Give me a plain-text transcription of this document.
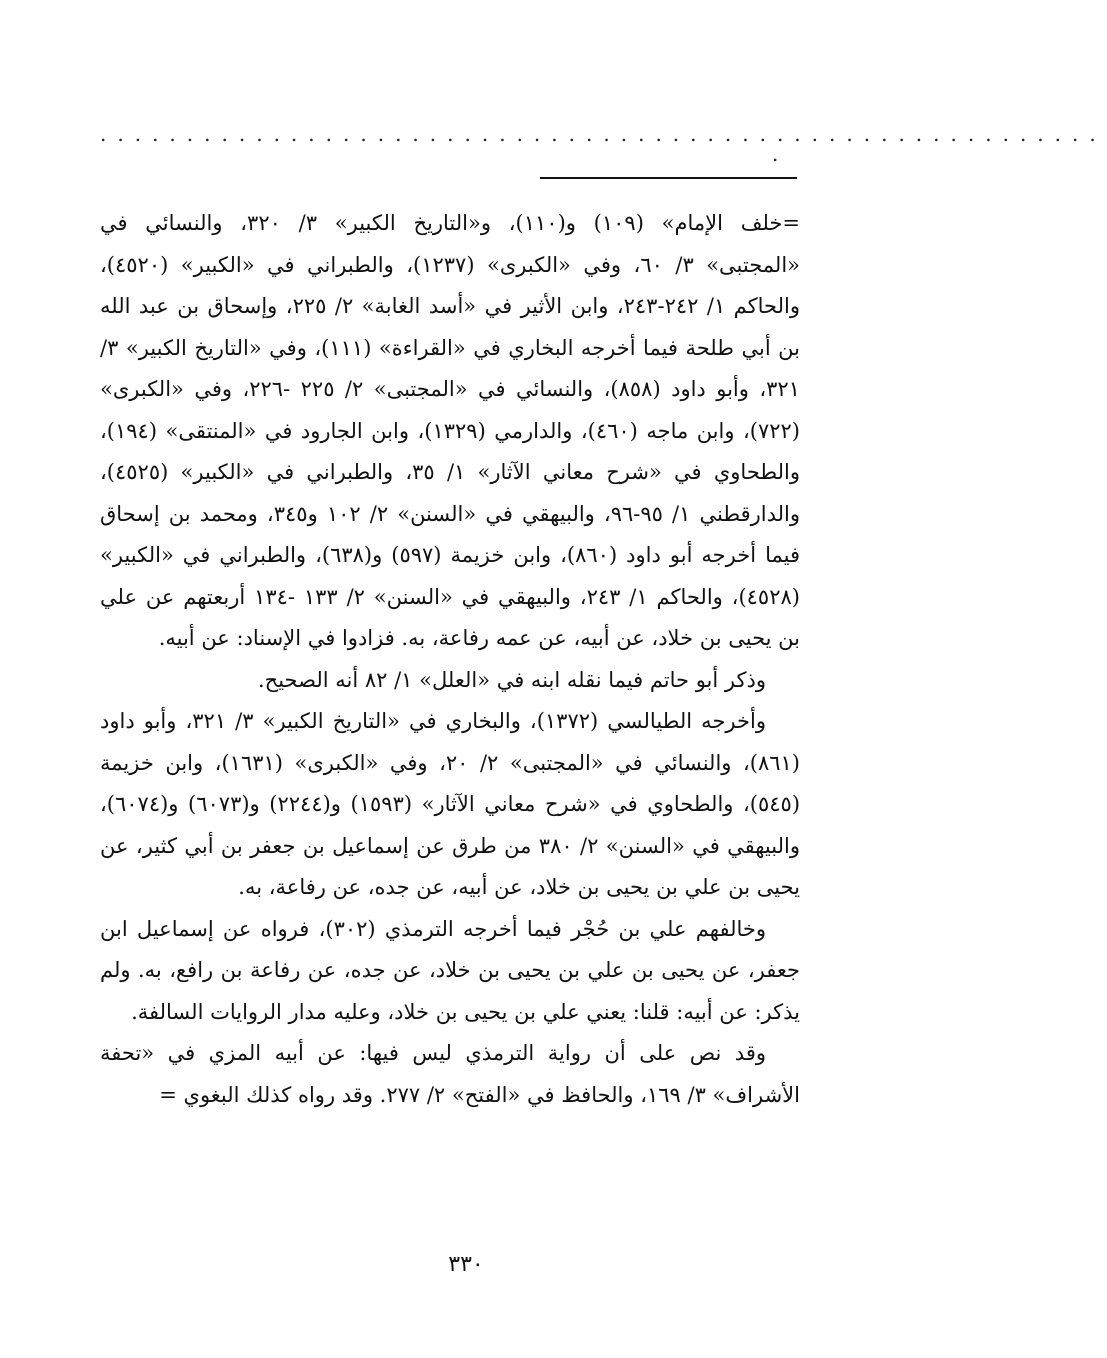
..........................................................
.

=خلف الإمام» (١٠٩) و(١١٠)، و«التاريخ الكبير» ٣/ ٣٢٠، والنسائي في «المجتبى» ٣/ ٦٠، وفي «الكبرى» (١٢٣٧)، والطبراني في «الكبير» (٤٥٢٠)، والحاكم ١/ ٢٤٢-٢٤٣، وابن الأثير في «أسد الغابة» ٢/ ٢٢٥، وإسحاق بن عبد الله بن أبي طلحة فيما أخرجه البخاري في «القراءة» (١١١)، وفي «التاريخ الكبير» ٣/ ٣٢١، وأبو داود (٨٥٨)، والنسائي في «المجتبى» ٢/ ٢٢٥ -٢٢٦، وفي «الكبرى» (٧٢٢)، وابن ماجه (٤٦٠)، والدارمي (١٣٢٩)، وابن الجارود في «المنتقى» (١٩٤)، والطحاوي في «شرح معاني الآثار» ١/ ٣٥، والطبراني في «الكبير» (٤٥٢٥)، والدارقطني ١/ ٩٥-٩٦، والبيهقي في «السنن» ٢/ ١٠٢ و٣٤٥، ومحمد بن إسحاق فيما أخرجه أبو داود (٨٦٠)، وابن خزيمة (٥٩٧) و(٦٣٨)، والطبراني في «الكبير» (٤٥٢٨)، والحاكم ١/ ٢٤٣، والبيهقي في «السنن» ٢/ ١٣٣ -١٣٤ أربعتهم عن علي بن يحيى بن خلاد، عن أبيه، عن عمه رفاعة، به. فزادوا في الإسناد: عن أبيه.

وذكر أبو حاتم فيما نقله ابنه في «العلل» ١/ ٨٢ أنه الصحيح.

وأخرجه الطيالسي (١٣٧٢)، والبخاري في «التاريخ الكبير» ٣/ ٣٢١، وأبو داود (٨٦١)، والنسائي في «المجتبى» ٢/ ٢٠، وفي «الكبرى» (١٦٣١)، وابن خزيمة (٥٤٥)، والطحاوي في «شرح معاني الآثار» (١٥٩٣) و(٢٢٤٤) و(٦٠٧٣) و(٦٠٧٤)، والبيهقي في «السنن» ٢/ ٣٨٠ من طرق عن إسماعيل بن جعفر بن أبي كثير، عن يحيى بن علي بن يحيى بن خلاد، عن أبيه، عن جده، عن رفاعة، به.

وخالفهم علي بن حُجْر فيما أخرجه الترمذي (٣٠٢)، فرواه عن إسماعيل ابن جعفر، عن يحيى بن علي بن يحيى بن خلاد، عن جده، عن رفاعة بن رافع، به. ولم يذكر: عن أبيه: قلنا: يعني علي بن يحيى بن خلاد، وعليه مدار الروايات السالفة.

وقد نص على أن رواية الترمذي ليس فيها: عن أبيه المزي في «تحفة الأشراف» ٣/ ١٦٩، والحافظ في «الفتح» ٢/ ٢٧٧. وقد رواه كذلك البغوي =

٣٣٠
